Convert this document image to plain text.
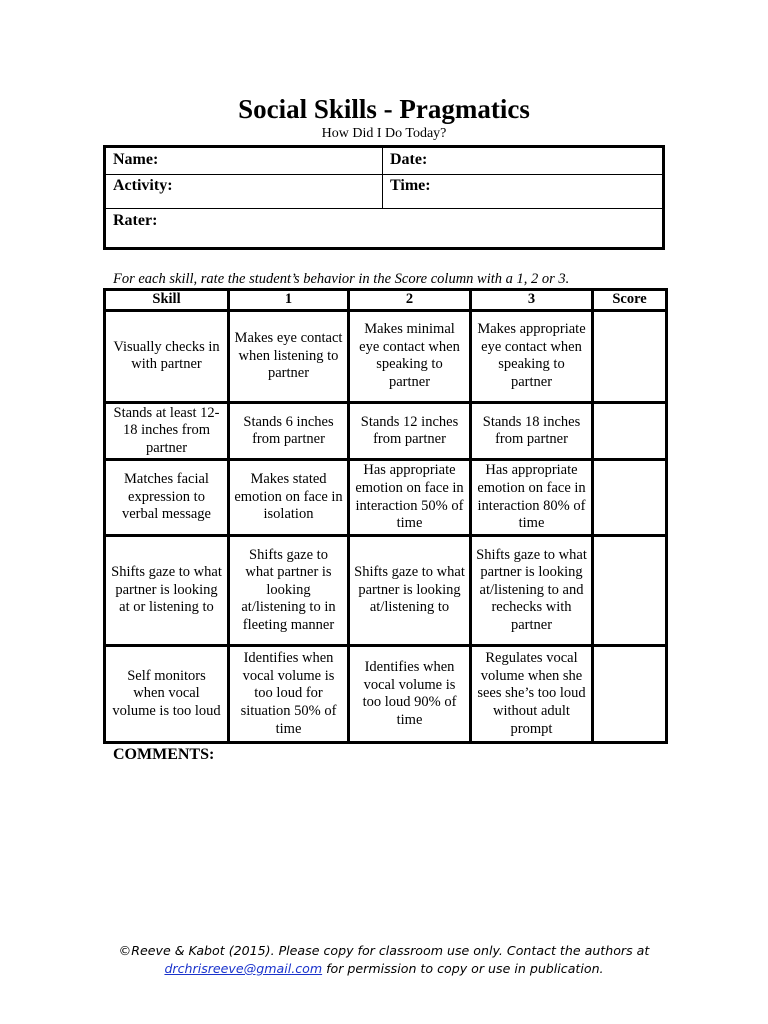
Social Skills - Pragmatics
How Did I Do Today?
Name:	Date:
Activity:	Time:
Rater:
For each skill, rate the student’s behavior in the Score column with a 1, 2 or 3.
Skill	1	2	3	Score
Visually checks in with partner	Makes eye contact when listening to partner	Makes minimal eye contact when speaking to partner	Makes appropriate eye contact when speaking to partner	
Stands at least 12-18 inches from partner	Stands 6 inches from partner	Stands 12 inches from partner	Stands 18 inches from partner	
Matches facial expression to verbal message	Makes stated emotion on face in isolation	Has appropriate emotion on face in interaction 50% of time	Has appropriate emotion on face in interaction 80% of time	
Shifts gaze to what partner is looking at or listening to	Shifts gaze to what partner is looking at/listening to in fleeting manner	Shifts gaze to what partner is looking at/listening to	Shifts gaze to what partner is looking at/listening to and rechecks with partner	
Self monitors when vocal volume is too loud	Identifies when vocal volume is too loud for situation 50% of time	Identifies when vocal volume is too loud 90% of time	Regulates vocal volume when she sees she’s too loud without adult prompt	
COMMENTS:
©Reeve & Kabot (2015). Please copy for classroom use only. Contact the authors at
drchrisreeve@gmail.com for permission to copy or use in publication.
